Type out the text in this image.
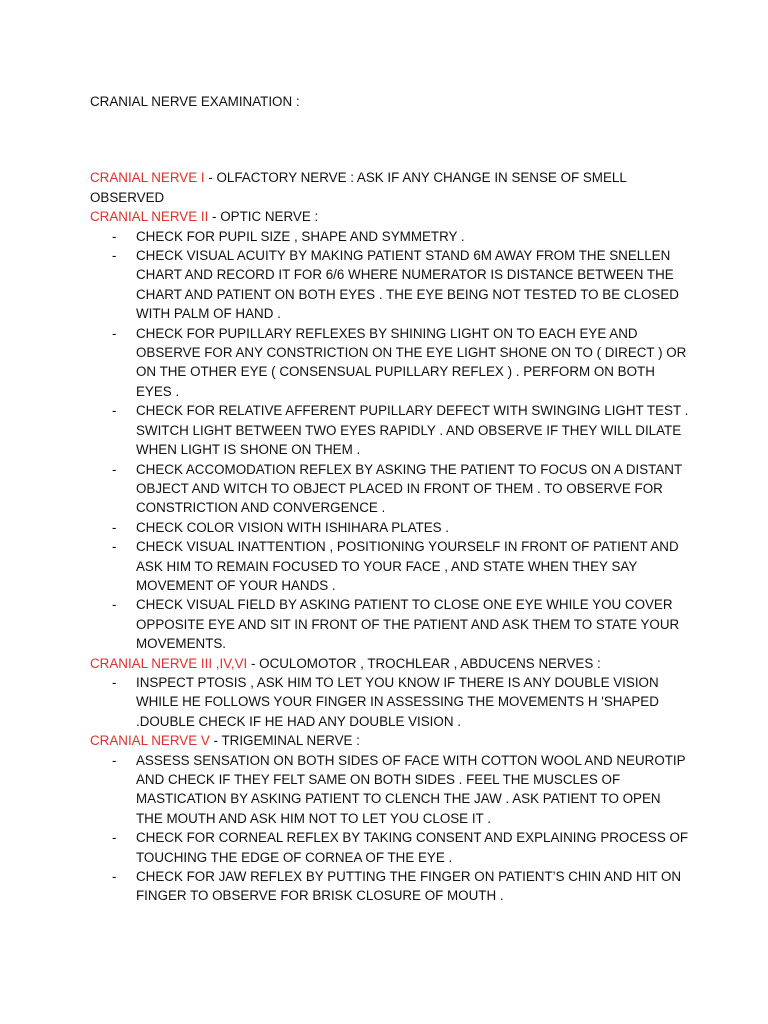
CRANIAL NERVE EXAMINATION :

CRANIAL NERVE I - OLFACTORY NERVE : ASK IF ANY CHANGE IN SENSE OF SMELL OBSERVED

CRANIAL NERVE II - OPTIC NERVE :

- CHECK FOR PUPIL SIZE , SHAPE AND SYMMETRY .
- CHECK VISUAL ACUITY BY MAKING PATIENT STAND 6M AWAY FROM THE SNELLEN CHART AND RECORD IT FOR 6/6 WHERE NUMERATOR IS DISTANCE BETWEEN THE CHART AND PATIENT ON BOTH EYES . THE EYE BEING NOT TESTED TO BE CLOSED WITH PALM OF HAND .
- CHECK FOR PUPILLARY REFLEXES BY SHINING LIGHT ON TO EACH EYE AND OBSERVE FOR ANY CONSTRICTION ON THE EYE LIGHT SHONE ON TO ( DIRECT ) OR ON THE OTHER EYE ( CONSENSUAL PUPILLARY REFLEX ) . PERFORM ON BOTH EYES .
- CHECK FOR RELATIVE AFFERENT PUPILLARY DEFECT WITH SWINGING LIGHT TEST . SWITCH LIGHT BETWEEN TWO EYES RAPIDLY . AND OBSERVE IF THEY WILL DILATE WHEN LIGHT IS SHONE ON THEM .
- CHECK ACCOMODATION REFLEX BY ASKING THE PATIENT TO FOCUS ON A DISTANT OBJECT AND WITCH TO OBJECT PLACED IN FRONT OF THEM . TO OBSERVE FOR CONSTRICTION AND CONVERGENCE .
- CHECK COLOR VISION WITH ISHIHARA PLATES .
- CHECK VISUAL INATTENTION , POSITIONING YOURSELF IN FRONT OF PATIENT AND ASK HIM TO REMAIN FOCUSED TO YOUR FACE , AND STATE WHEN THEY SAY MOVEMENT OF YOUR HANDS .
- CHECK VISUAL FIELD BY ASKING PATIENT TO CLOSE ONE EYE WHILE YOU COVER OPPOSITE EYE AND SIT IN FRONT OF THE PATIENT AND ASK THEM TO STATE YOUR MOVEMENTS.

CRANIAL NERVE III ,IV,VI - OCULOMOTOR , TROCHLEAR , ABDUCENS NERVES :

- INSPECT PTOSIS , ASK HIM TO LET YOU KNOW IF THERE IS ANY DOUBLE VISION WHILE HE FOLLOWS YOUR FINGER IN ASSESSING THE MOVEMENTS H 'SHAPED .DOUBLE CHECK IF HE HAD ANY DOUBLE VISION .

CRANIAL NERVE V - TRIGEMINAL NERVE :

- ASSESS SENSATION ON BOTH SIDES OF FACE WITH COTTON WOOL AND NEUROTIP AND CHECK IF THEY FELT SAME ON BOTH SIDES . FEEL THE MUSCLES OF MASTICATION BY ASKING PATIENT TO CLENCH THE JAW . ASK PATIENT TO OPEN THE MOUTH AND ASK HIM NOT TO LET YOU CLOSE IT .
- CHECK FOR CORNEAL REFLEX BY TAKING CONSENT AND EXPLAINING PROCESS OF TOUCHING THE EDGE OF CORNEA OF THE EYE .
- CHECK FOR JAW REFLEX BY PUTTING THE FINGER ON PATIENT’S CHIN AND HIT ON FINGER TO OBSERVE FOR BRISK CLOSURE OF MOUTH .
